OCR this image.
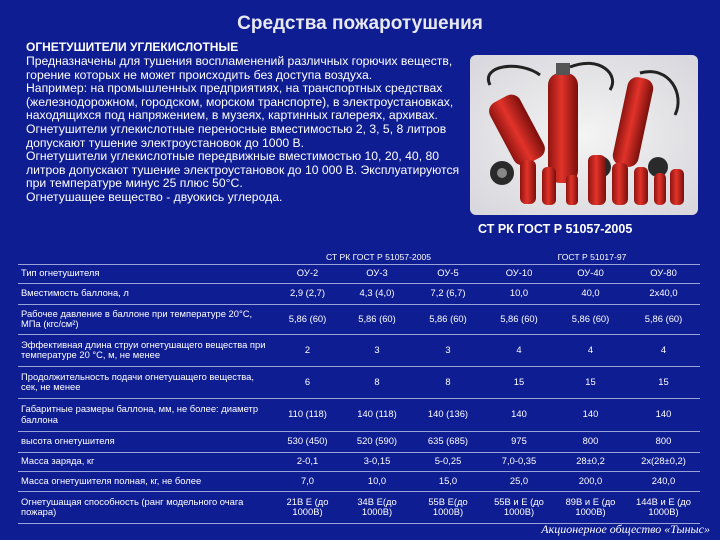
Средства пожаротушения
ОГНЕТУШИТЕЛИ УГЛЕКИСЛОТНЫЕ

Предназначены для тушения воспламенений различных горючих веществ, горение которых не может происходить без доступа воздуха.

Например: на промышленных предприятиях, на транспортных средствах (железнодорожном, городском, морском транспорте), в электроустановках, находящихся под напряжением, в музеях, картинных галереях, архивах.

Огнетушители углекислотные переносные вместимостью 2, 3, 5, 8 литров допускают тушение электроустановок до 1000 В.

Огнетушители углекислотные передвижные вместимостью 10, 20, 40, 80 литров допускают тушение электроустановок до 10 000 В. Эксплуатируются при температуре минус 25 плюс 50°С.

Огнетушащее вещество - двуокись углерода.

СТ РК ГОСТ Р 51057-2005
	СТ РК ГОСТ Р 51057-2005			ГОСТ Р 51017-97		
Тип огнетушителя	ОУ-2	ОУ-3	ОУ-5	ОУ-10	ОУ-40	ОУ-80
Вместимость баллона, л	2,9 (2,7)	4,3 (4,0)	7,2 (6,7)	10,0	40,0	2х40,0
Рабочее давление в баллоне при температуре 20°С, МПа (кгс/см²)	5,86 (60)	5,86 (60)	5,86 (60)	5,86 (60)	5,86 (60)	5,86 (60)
Эффективная длина струи огнетушащего вещества при температуре 20 °С, м, не менее	2	3	3	4	4	4
Продолжительность подачи огнетушащего вещества, сек, не менее	6	8	8	15	15	15
Габаритные размеры баллона, мм, не более: диаметр баллона	110 (118)	140 (118)	140 (136)	140	140	140
высота огнетушителя	530 (450)	520 (590)	635 (685)	975	800	800
Масса заряда, кг	2-0,1	3-0,15	5-0,25	7,0-0,35	28±0,2	2х(28±0,2)
Масса огнетушителя полная, кг, не более	7,0	10,0	15,0	25,0	200,0	240,0
Огнетушащая способность (ранг модельного очага пожара)	21В Е (до 1000В)	34В Е(до 1000В)	55В Е(до 1000В)	55В и Е (до 1000В)	89В и Е (до 1000В)	144В и Е (до 1000В)
Акционерное общество «Тыныс»
